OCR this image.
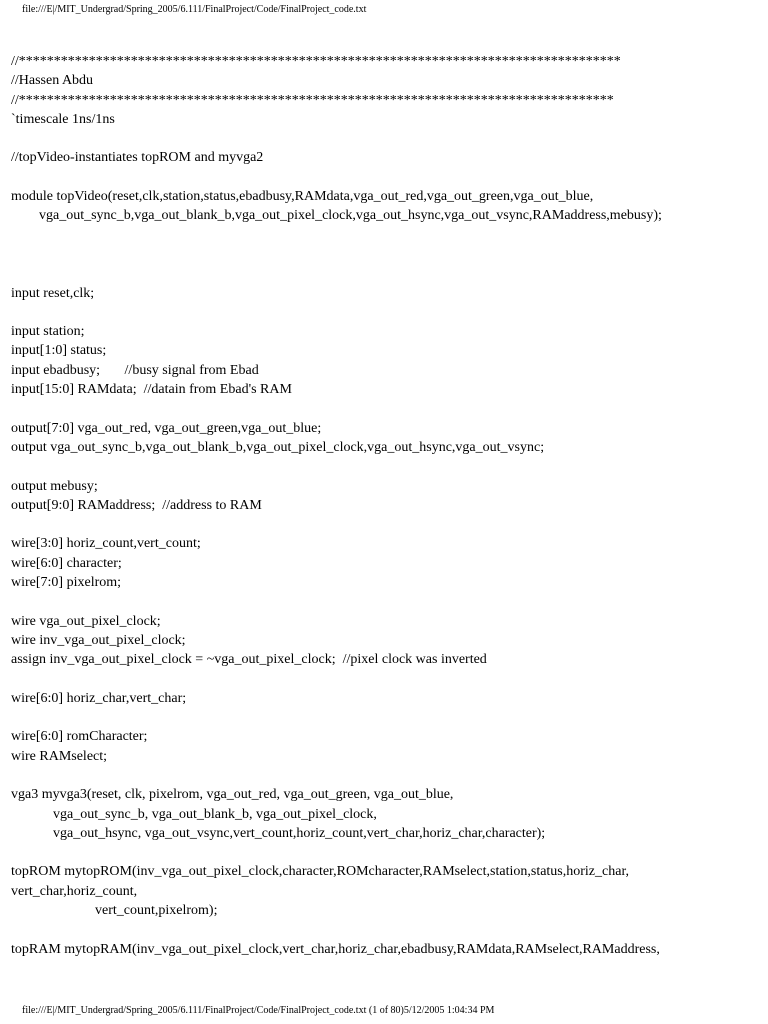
file:///E|/MIT_Undergrad/Spring_2005/6.111/FinalProject/Code/FinalProject_code.txt
//**************************************************************************************
//Hassen Abdu
//*************************************************************************************
`timescale 1ns/1ns
//topVideo-instantiates topROM and myvga2
module topVideo(reset,clk,station,status,ebadbusy,RAMdata,vga_out_red,vga_out_green,vga_out_blue,
vga_out_sync_b,vga_out_blank_b,vga_out_pixel_clock,vga_out_hsync,vga_out_vsync,RAMaddress,mebusy);
input reset,clk;
input station;
input[1:0] status;
input ebadbusy;       //busy signal from Ebad
input[15:0] RAMdata;  //datain from Ebad's RAM
output[7:0] vga_out_red, vga_out_green,vga_out_blue;
output vga_out_sync_b,vga_out_blank_b,vga_out_pixel_clock,vga_out_hsync,vga_out_vsync;
output mebusy;
output[9:0] RAMaddress;  //address to RAM
wire[3:0] horiz_count,vert_count;
wire[6:0] character;
wire[7:0] pixelrom;
wire vga_out_pixel_clock;
wire inv_vga_out_pixel_clock;
assign inv_vga_out_pixel_clock = ~vga_out_pixel_clock;  //pixel clock was inverted
wire[6:0] horiz_char,vert_char;
wire[6:0] romCharacter;
wire RAMselect;
vga3 myvga3(reset, clk, pixelrom, vga_out_red, vga_out_green, vga_out_blue,
vga_out_sync_b, vga_out_blank_b, vga_out_pixel_clock,
vga_out_hsync, vga_out_vsync,vert_count,horiz_count,vert_char,horiz_char,character);
topROM mytopROM(inv_vga_out_pixel_clock,character,ROMcharacter,RAMselect,station,status,horiz_char,
vert_char,horiz_count,
vert_count,pixelrom);
topRAM mytopRAM(inv_vga_out_pixel_clock,vert_char,horiz_char,ebadbusy,RAMdata,RAMselect,RAMaddress,
file:///E|/MIT_Undergrad/Spring_2005/6.111/FinalProject/Code/FinalProject_code.txt (1 of 80)5/12/2005 1:04:34 PM
